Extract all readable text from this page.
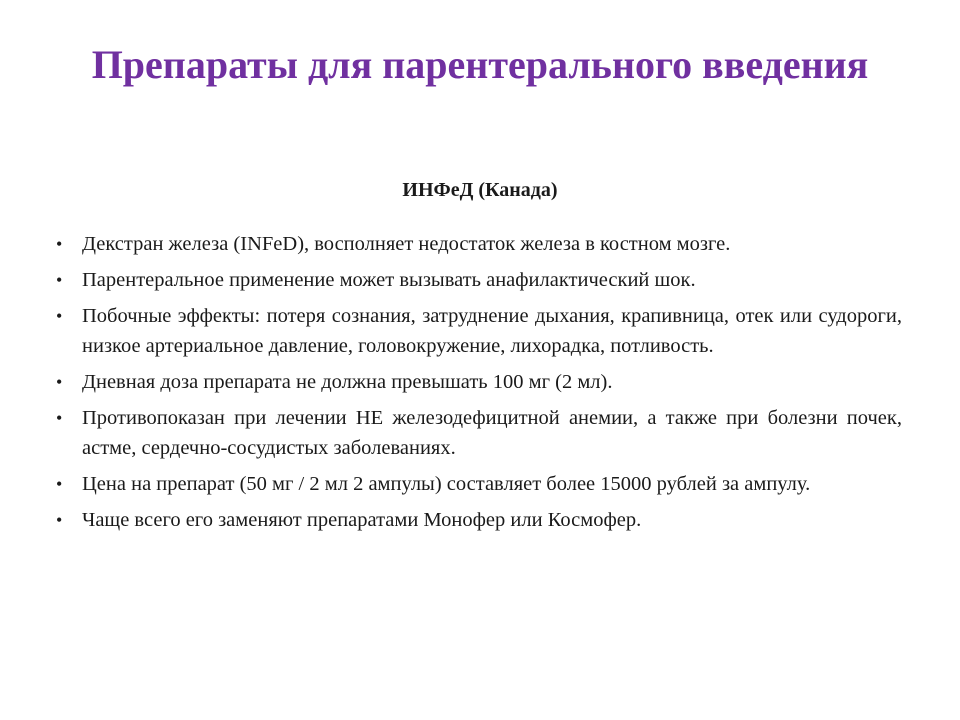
Препараты для парентерального введения
ИНФеД (Канада)
• Декстран железа (INFeD), восполняет недостаток железа в костном мозге.
• Парентеральное применение может вызывать анафилактический шок.
• Побочные эффекты: потеря сознания, затруднение дыхания, крапивница, отек или судороги, низкое артериальное давление, головокружение, лихорадка, потливость.
• Дневная доза препарата не должна превышать 100 мг (2 мл).
• Противопоказан при лечении НЕ железодефицитной анемии, а также при болезни почек, астме, сердечно-сосудистых заболеваниях.
• Цена на препарат (50 мг / 2 мл 2 ампулы) составляет более 15000 рублей за ампулу.
• Чаще всего его заменяют препаратами Монофер или Космофер.
